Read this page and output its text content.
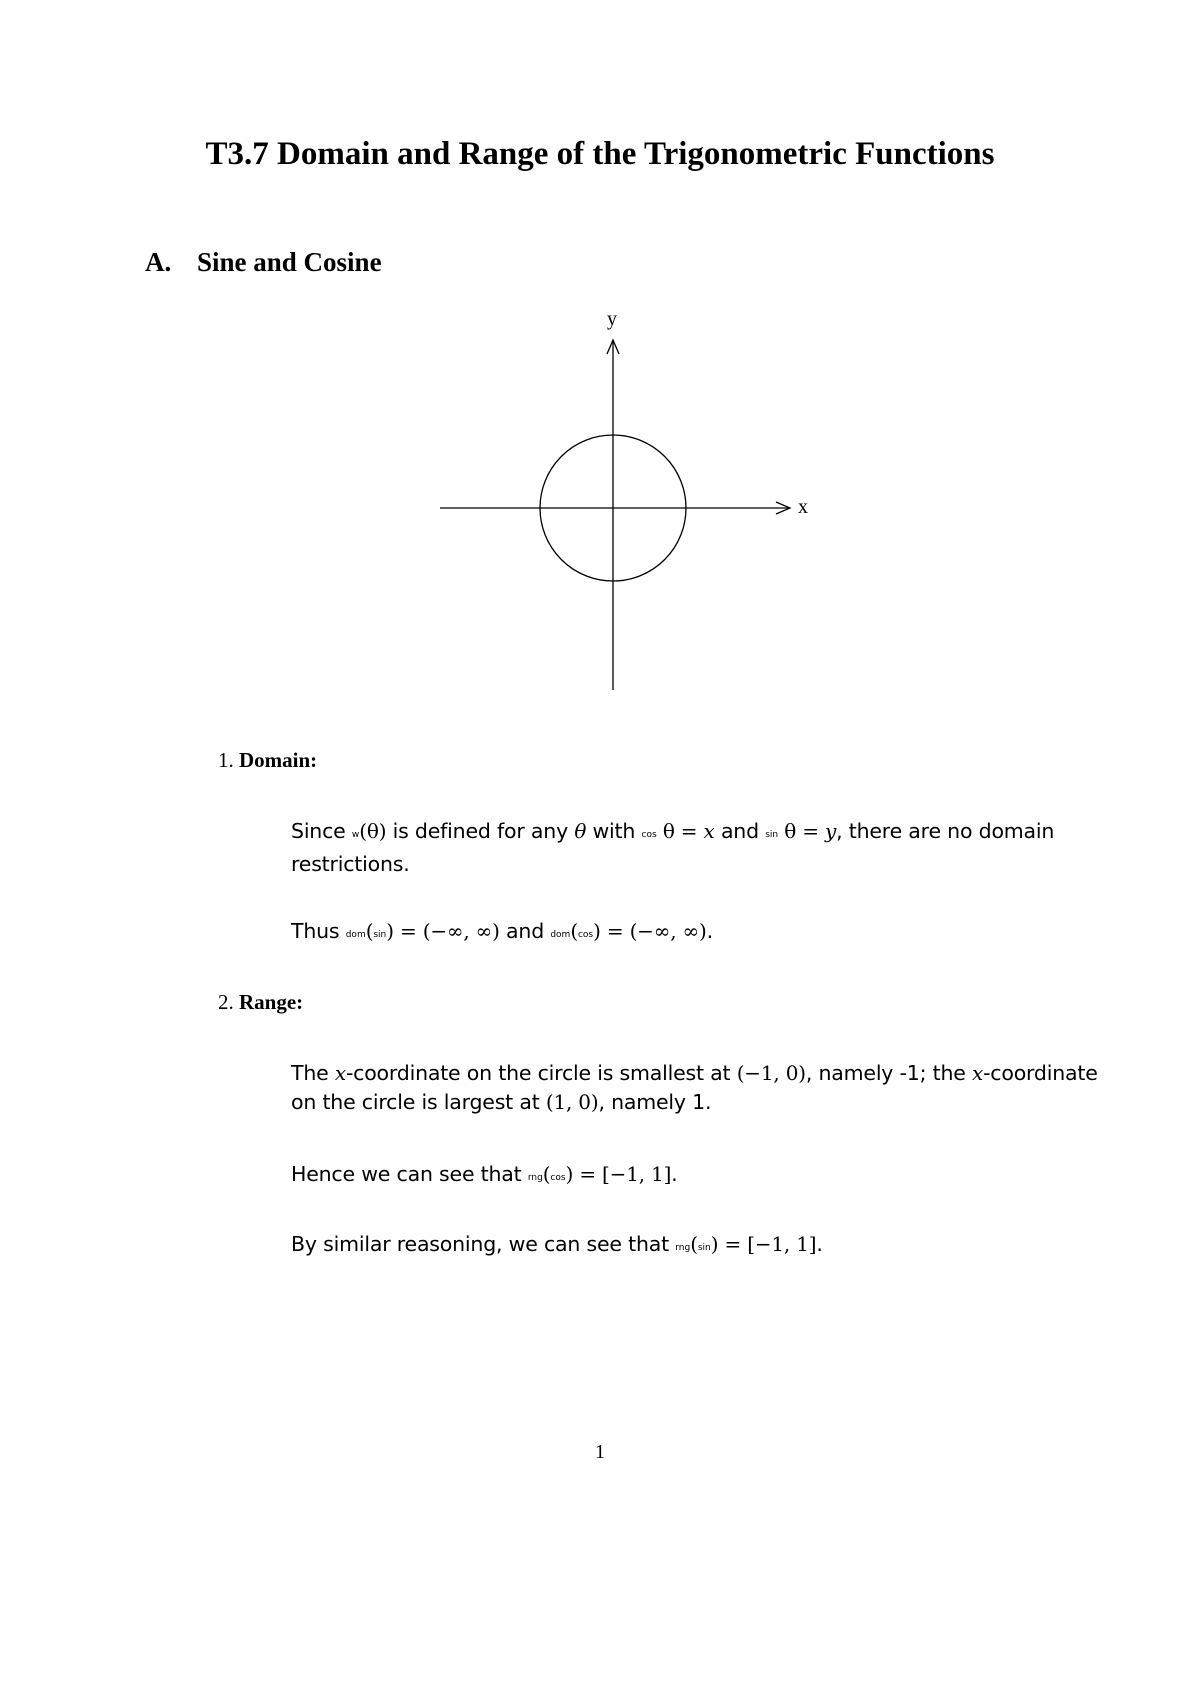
T3.7 Domain and Range of the Trigonometric Functions
A. Sine and Cosine
x
y

1. Domain:

Since w(θ) is defined for any θ with cos θ = x and sin θ = y, there are no domain restrictions.

Thus dom(sin) = (−∞, ∞) and dom(cos) = (−∞, ∞).

2. Range:

The x-coordinate on the circle is smallest at (−1, 0), namely -1; the x-coordinate on the circle is largest at (1, 0), namely 1.

Hence we can see that rng(cos) = [−1, 1].

By similar reasoning, we can see that rng(sin) = [−1, 1].

1
